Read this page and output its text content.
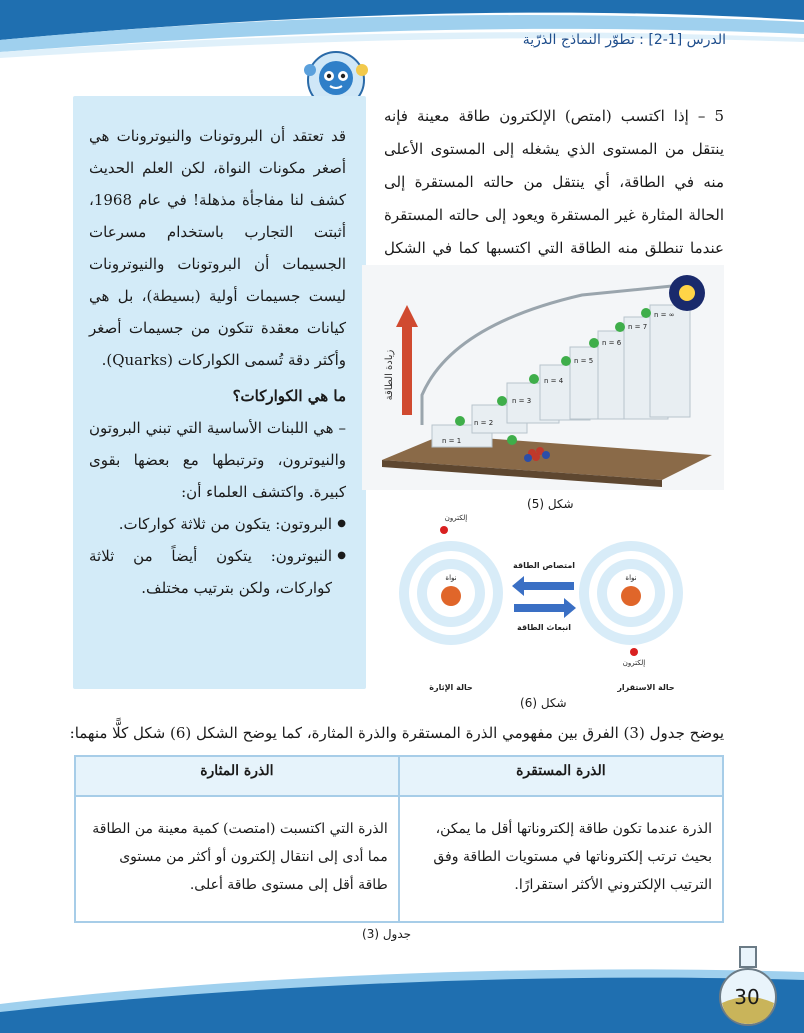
الدرس [1-2] : تطوّر النماذج الذرّية

قد تعتقد أن البروتونات والنيوترونات هي أصغر مكونات النواة، لكن العلم الحديث كشف لنا مفاجأة مذهلة! في عام 1968، أثبتت التجارب باستخدام مسرعات الجسيمات أن البروتونات والنيوترونات ليست جسيمات أولية (بسيطة)، بل هي كيانات معقدة تتكون من جسيمات أصغر وأكثر دقة تُسمى الكواركات (Quarks).

ما هي الكواركات؟

– هي اللبنات الأساسية التي تبني البروتون والنيوترون، وترتبطها مع بعضها بقوى كبيرة. واكتشف العلماء أن:

● البروتون: يتكون من ثلاثة كواركات.
● النيوترون: يتكون أيضاً من ثلاثة كواركات، ولكن بترتيب مختلف.

5 – إذا اكتسب (امتص) الإلكترون طاقة معينة فإنه ينتقل من المستوى الذي يشغله إلى المستوى الأعلى منه في الطاقة، أي ينتقل من حالته المستقرة إلى الحالة المثارة غير المستقرة ويعود إلى حالته المستقرة عندما تنطلق منه الطاقة التي اكتسبها كما في الشكل

زيادة الطاقة
n = 1
n = 2
n = 3
n = 4
n = 5
n = 6
n = 7
n = ∞
شكل (5)
نواة
إلكترون
نواة
إلكترون
امتصاص الطاقة
انبعاث الطاقة
حالة الاستقرار
حالة الإثارة
شكل (6)

يوضح جدول (3) الفرق بين مفهومي الذرة المستقرة والذرة المثارة، كما يوضح الشكل (6) شكل كلًّا منهما:

الذرة المستقرة	الذرة المثارة
الذرة عندما تكون طاقة إلكتروناتها أقل ما يمكن، بحيث ترتب إلكتروناتها في مستويات الطاقة وفق الترتيب الإلكتروني الأكثر استقرارًا.	الذرة التي اكتسبت (امتصت) كمية معينة من الطاقة مما أدى إلى انتقال إلكترون أو أكثر من مستوى طاقة أقل إلى مستوى طاقة أعلى.
جدول (3)
30
